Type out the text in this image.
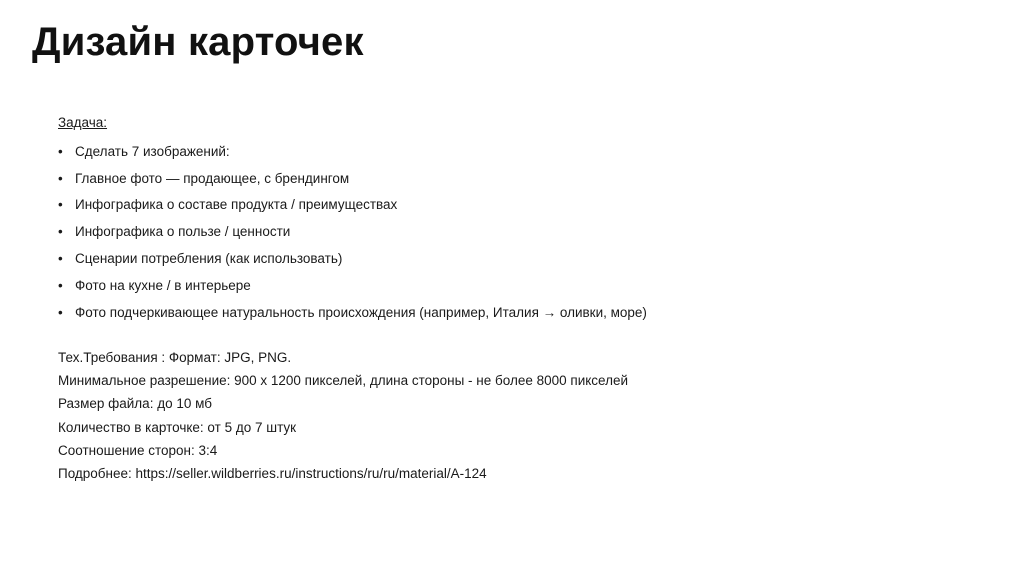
Дизайн карточек
Задача:
• Сделать 7 изображений:
• Главное фото — продающее, с брендингом
• Инфографика о составе продукта / преимуществах
• Инфографика о пользе / ценности
• Сценарии потребления (как использовать)
• Фото на кухне / в интерьере
• Фото подчеркивающее натуральность происхождения (например, Италия → оливки, море)
Тех.Требования : Формат: JPG, PNG.
Минимальное разрешение: 900 x 1200 пикселей, длина стороны - не более 8000 пикселей
Размер файла: до 10 мб
Количество в карточке: от 5 до 7 штук
Соотношение сторон: 3:4
Подробнее: https://seller.wildberries.ru/instructions/ru/ru/material/A-124
